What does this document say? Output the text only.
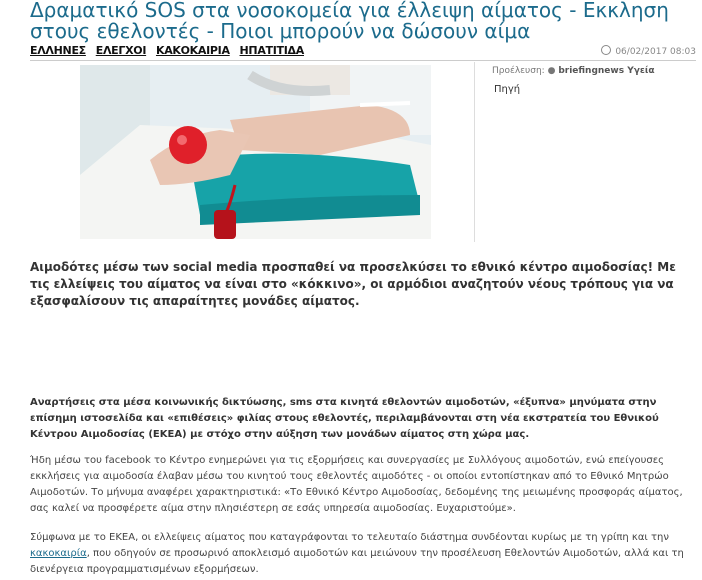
Δραματικό SOS στα νοσοκομεία για έλλειψη αίματος - Εκκληση στους εθελοντές - Ποιοι μπορούν να δώσουν αίμα
ΕΛΛΗΝΕΣ ΕΛΕΓΧΟΙ ΚΑΚΟΚΑΙΡΙΑ ΗΠΑΤΙΤΙΔΑ	06/02/2017 08:03
Προέλευση: ● briefingnews Υγεία
Πηγή

Αιμοδότες μέσω των social media προσπαθεί να προσελκύσει το εθνικό κέντρο αιμοδοσίας! Με τις ελλείψεις του αίματος να είναι στο «κόκκινο», οι αρμόδιοι αναζητούν νέους τρόπους για να εξασφαλίσουν τις απαραίτητες μονάδες αίματος.

Αναρτήσεις στα μέσα κοινωνικής δικτύωσης, sms στα κινητά εθελοντών αιμοδοτών, «έξυπνα» μηνύματα στην επίσημη ιστοσελίδα και «επιθέσεις» φιλίας στους εθελοντές, περιλαμβάνονται στη νέα εκστρατεία του Εθνικού Κέντρου Αιμοδοσίας (ΕΚΕΑ) με στόχο στην αύξηση των μονάδων αίματος στη χώρα μας.

Ήδη μέσω του facebook το Κέντρο ενημερώνει για τις εξορμήσεις και συνεργασίες με Συλλόγους αιμοδοτών, ενώ επείγουσες εκκλήσεις για αιμοδοσία έλαβαν μέσω του κινητού τους εθελοντές αιμοδότες - οι οποίοι εντοπίστηκαν από το Εθνικό Μητρώο Αιμοδοτών. Το μήνυμα αναφέρει χαρακτηριστικά: «Το Εθνικό Κέντρο Αιμοδοσίας, δεδομένης της μειωμένης προσφοράς αίματος, σας καλεί να προσφέρετε αίμα στην πλησιέστερη σε εσάς υπηρεσία αιμοδοσίας. Ευχαριστούμε».

Σύμφωνα με το ΕΚΕΑ, οι ελλείψεις αίματος που καταγράφονται το τελευταίο διάστημα συνδέονται κυρίως με τη γρίπη και την κακοκαιρία, που οδηγούν σε προσωρινό αποκλεισμό αιμοδοτών και μειώνουν την προσέλευση Εθελοντών Αιμοδοτών, αλλά και τη διενέργεια προγραμματισμένων εξορμήσεων.
